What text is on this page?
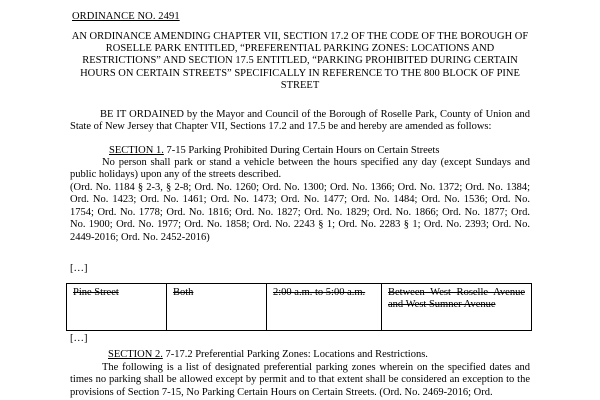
ORDINANCE NO. 2491
AN ORDINANCE AMENDING CHAPTER VII, SECTION 17.2 OF THE CODE OF THE BOROUGH OF ROSELLE PARK ENTITLED, “PREFERENTIAL PARKING ZONES: LOCATIONS AND RESTRICTIONS” AND SECTION 17.5 ENTITLED, “PARKING PROHIBITED DURING CERTAIN HOURS ON CERTAIN STREETS” SPECIFICALLY IN REFERENCE TO THE 800 BLOCK OF PINE STREET
BE IT ORDAINED by the Mayor and Council of the Borough of Roselle Park, County of Union and State of New Jersey that Chapter VII, Sections 17.2 and 17.5 be and hereby are amended as follows:
SECTION 1. 7-15 Parking Prohibited During Certain Hours on Certain Streets
No person shall park or stand a vehicle between the hours specified any day (except Sundays and public holidays) upon any of the streets described.
(Ord. No. 1184 § 2-3, § 2-8; Ord. No. 1260; Ord. No. 1300; Ord. No. 1366; Ord. No. 1372; Ord. No. 1384; Ord. No. 1423; Ord. No. 1461; Ord. No. 1473; Ord. No. 1477; Ord. No. 1484; Ord. No. 1536; Ord. No. 1754; Ord. No. 1778; Ord. No. 1816; Ord. No. 1827; Ord. No. 1829; Ord. No. 1866; Ord. No. 1877; Ord. No. 1900; Ord. No. 1977; Ord. No. 1858; Ord. No. 2243 § 1; Ord. No. 2283 § 1; Ord. No. 2393; Ord. No. 2449-2016; Ord. No. 2452-2016)
[…]
Pine Street	Both	2:00 a.m. to 5:00 a.m.	Between West Roselle Avenue and West Sumner Avenue
[…]
SECTION 2. 7-17.2 Preferential Parking Zones: Locations and Restrictions.
The following is a list of designated preferential parking zones wherein on the specified dates and times no parking shall be allowed except by permit and to that extent shall be considered an exception to the provisions of Section 7-15, No Parking Certain Hours on Certain Streets. (Ord. No. 2469-2016; Ord.
